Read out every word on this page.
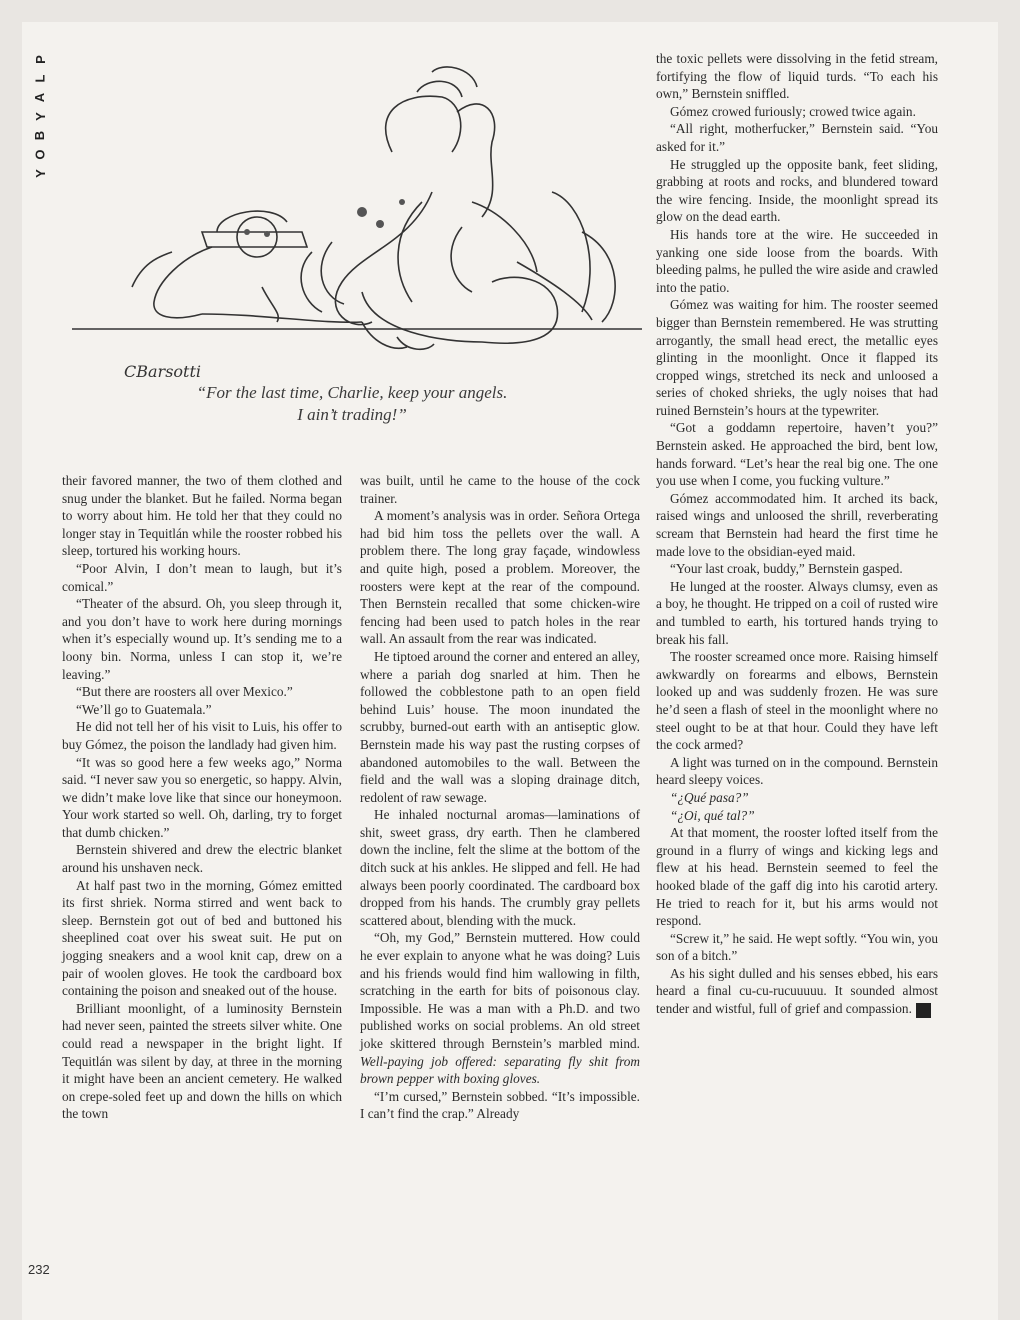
P
L
A
Y
B
O
Y
CBarsotti
“For the last time, Charlie, keep your angels.
I ain’t trading!”

their favored manner, the two of them clothed and snug under the blanket. But he failed. Norma began to worry about him. He told her that they could no longer stay in Tequitlán while the rooster robbed his sleep, tortured his working hours.

“Poor Alvin, I don’t mean to laugh, but it’s comical.”

“Theater of the absurd. Oh, you sleep through it, and you don’t have to work here during mornings when it’s especially wound up. It’s sending me to a loony bin. Norma, unless I can stop it, we’re leaving.”

“But there are roosters all over Mexico.”

“We’ll go to Guatemala.”

He did not tell her of his visit to Luis, his offer to buy Gómez, the poison the landlady had given him.

“It was so good here a few weeks ago,” Norma said. “I never saw you so energetic, so happy. Alvin, we didn’t make love like that since our honeymoon. Your work started so well. Oh, darling, try to forget that dumb chicken.”

Bernstein shivered and drew the electric blanket around his unshaven neck.

At half past two in the morning, Gómez emitted its first shriek. Norma stirred and went back to sleep. Bernstein got out of bed and buttoned his sheeplined coat over his sweat suit. He put on jogging sneakers and a wool knit cap, drew on a pair of woolen gloves. He took the cardboard box containing the poison and sneaked out of the house.

Brilliant moonlight, of a luminosity Bernstein had never seen, painted the streets silver white. One could read a newspaper in the bright light. If Tequitlán was silent by day, at three in the morning it might have been an ancient cemetery. He walked on crepe-soled feet up and down the hills on which the town

was built, until he came to the house of the cock trainer.

A moment’s analysis was in order. Señora Ortega had bid him toss the pellets over the wall. A problem there. The long gray façade, windowless and quite high, posed a problem. Moreover, the roosters were kept at the rear of the compound. Then Bernstein recalled that some chicken-wire fencing had been used to patch holes in the rear wall. An assault from the rear was indicated.

He tiptoed around the corner and entered an alley, where a pariah dog snarled at him. Then he followed the cobblestone path to an open field behind Luis’ house. The moon inundated the scrubby, burned-out earth with an antiseptic glow. Bernstein made his way past the rusting corpses of abandoned automobiles to the wall. Between the field and the wall was a sloping drainage ditch, redolent of raw sewage.

He inhaled nocturnal aromas—laminations of shit, sweet grass, dry earth. Then he clambered down the incline, felt the slime at the bottom of the ditch suck at his ankles. He slipped and fell. He had always been poorly coordinated. The cardboard box dropped from his hands. The crumbly gray pellets scattered about, blending with the muck.

“Oh, my God,” Bernstein muttered. How could he ever explain to anyone what he was doing? Luis and his friends would find him wallowing in filth, scratching in the earth for bits of poisonous clay. Impossible. He was a man with a Ph.D. and two published works on social problems. An old street joke skittered through Bernstein’s marbled mind. Well-paying job offered: separating fly shit from brown pepper with boxing gloves.

“I’m cursed,” Bernstein sobbed. “It’s impossible. I can’t find the crap.” Already

the toxic pellets were dissolving in the fetid stream, fortifying the flow of liquid turds. “To each his own,” Bernstein sniffled.

Gómez crowed furiously; crowed twice again.

“All right, motherfucker,” Bernstein said. “You asked for it.”

He struggled up the opposite bank, feet sliding, grabbing at roots and rocks, and blundered toward the wire fencing. Inside, the moonlight spread its glow on the dead earth.

His hands tore at the wire. He succeeded in yanking one side loose from the boards. With bleeding palms, he pulled the wire aside and crawled into the patio.

Gómez was waiting for him. The rooster seemed bigger than Bernstein remembered. He was strutting arrogantly, the small head erect, the metallic eyes glinting in the moonlight. Once it flapped its cropped wings, stretched its neck and unloosed a series of choked shrieks, the ugly noises that had ruined Bernstein’s hours at the typewriter.

“Got a goddamn repertoire, haven’t you?” Bernstein asked. He approached the bird, bent low, hands forward. “Let’s hear the real big one. The one you use when I come, you fucking vulture.”

Gómez accommodated him. It arched its back, raised wings and unloosed the shrill, reverberating scream that Bernstein had heard the first time he made love to the obsidian-eyed maid.

“Your last croak, buddy,” Bernstein gasped.

He lunged at the rooster. Always clumsy, even as a boy, he thought. He tripped on a coil of rusted wire and tumbled to earth, his tortured hands trying to break his fall.

The rooster screamed once more. Raising himself awkwardly on forearms and elbows, Bernstein looked up and was suddenly frozen. He was sure he’d seen a flash of steel in the moonlight where no steel ought to be at that hour. Could they have left the cock armed?

A light was turned on in the compound. Bernstein heard sleepy voices.

“¿Qué pasa?”

“¿Oi, qué tal?”

At that moment, the rooster lofted itself from the ground in a flurry of wings and kicking legs and flew at his head. Bernstein seemed to feel the hooked blade of the gaff dig into his carotid artery. He tried to reach for it, but his arms would not respond.

“Screw it,” he said. He wept softly. “You win, you son of a bitch.”

As his sight dulled and his senses ebbed, his ears heard a final cu-cu-rucuuuuu. It sounded almost tender and wistful, full of grief and compassion. ♦

232
